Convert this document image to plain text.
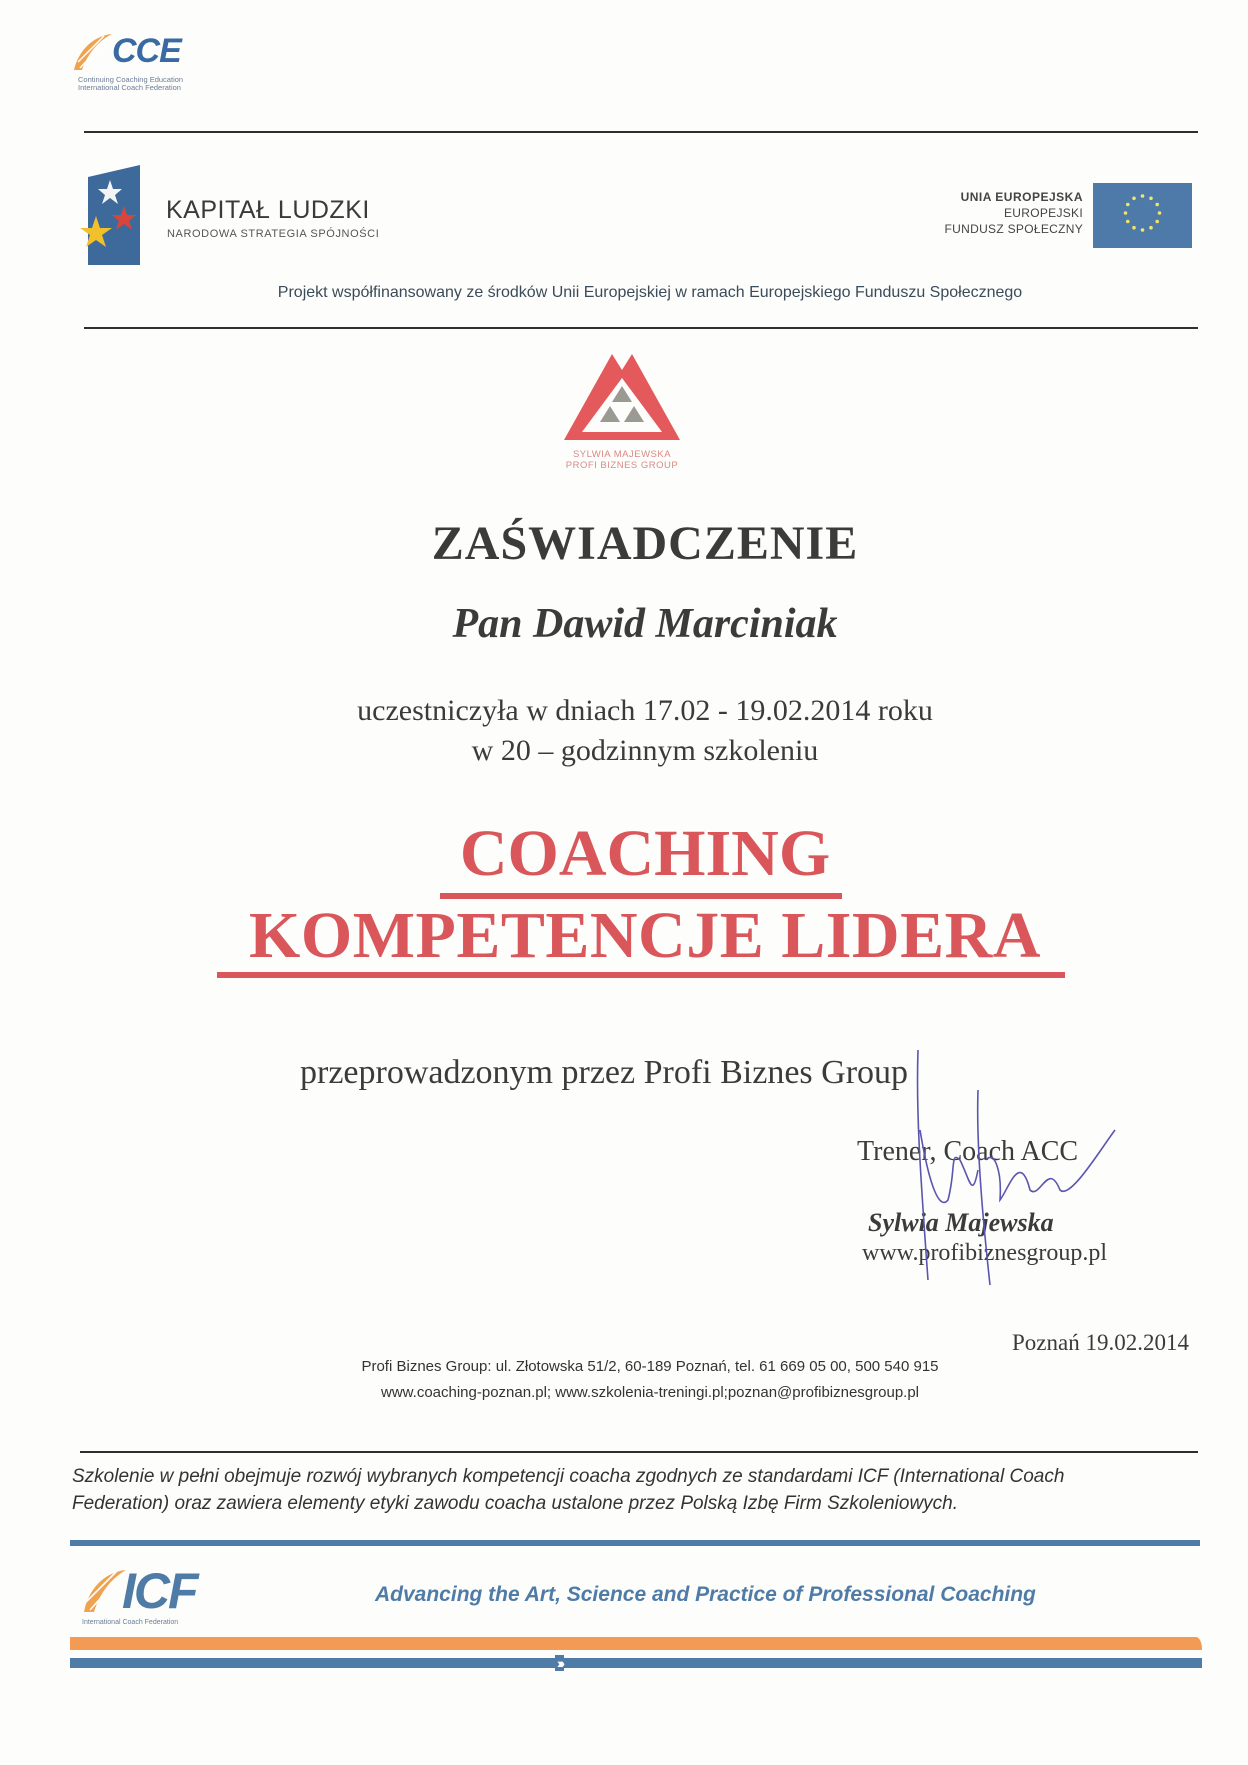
CCE
Continuing Coaching Education
International Coach Federation
KAPITAŁ LUDZKI
NARODOWA STRATEGIA SPÓJNOŚCI
UNIA EUROPEJSKA
EUROPEJSKI
FUNDUSZ SPOŁECZNY
Projekt współfinansowany ze środków Unii Europejskiej w ramach Europejskiego Funduszu Społecznego
SYLWIA MAJEWSKA
PROFI BIZNES GROUP
ZAŚWIADCZENIE
Pan Dawid Marciniak
uczestniczyła w dniach 17.02 - 19.02.2014 roku
w 20 – godzinnym szkoleniu
COACHING
KOMPETENCJE LIDERA
przeprowadzonym przez Profi Biznes Group
Trener, Coach ACC
Sylwia Majewska
www.profibiznesgroup.pl
Poznań 19.02.2014
Profi Biznes Group: ul. Złotowska 51/2, 60-189 Poznań, tel. 61 669 05 00, 500 540 915
www.coaching-poznan.pl; www.szkolenia-treningi.pl;poznan@profibiznesgroup.pl
Szkolenie w pełni obejmuje rozwój wybranych kompetencji coacha zgodnych ze standardami ICF (International Coach
Federation) oraz zawiera elementy etyki zawodu coacha ustalone przez Polską Izbę Firm Szkoleniowych.
ICF
International Coach Federation
Advancing the Art, Science and Practice of Professional Coaching
›››
